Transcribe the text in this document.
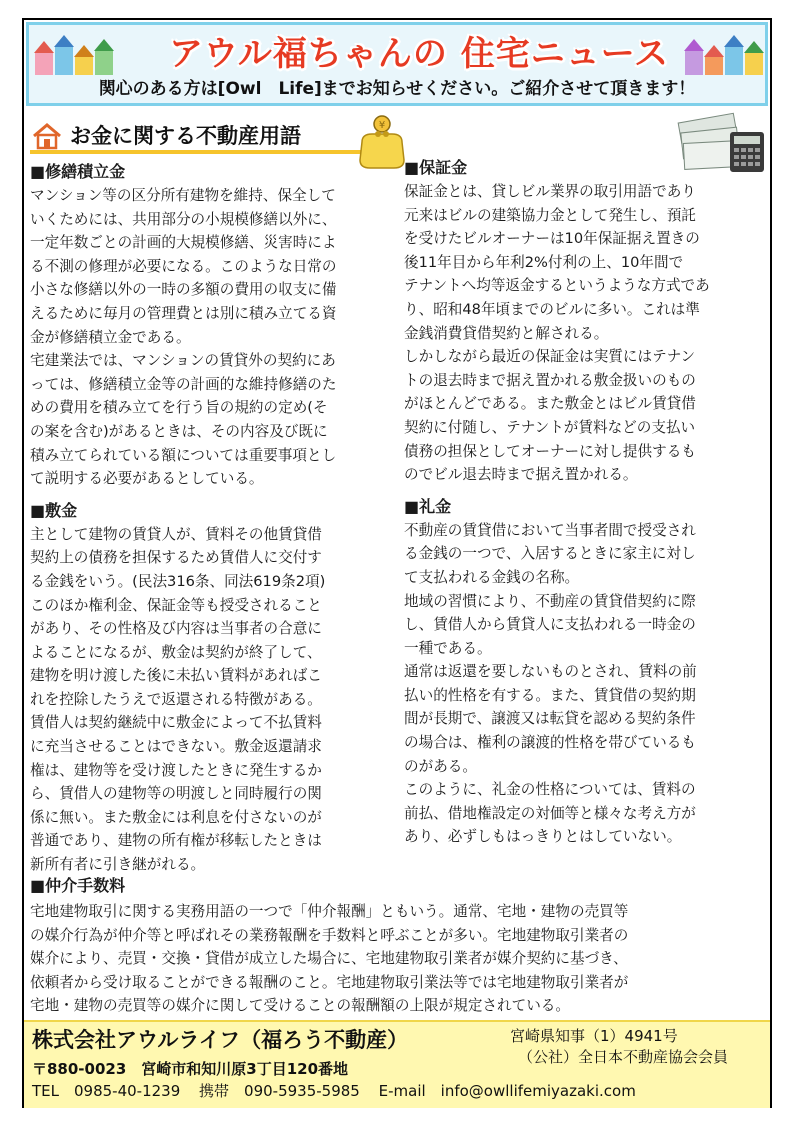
アウル福ちゃんの 住宅ニュース
関心のある方は[Owl　Life]までお知らせください。ご紹介させて頂きます！
お金に関する不動産用語	¥
■修繕積立金

マンション等の区分所有建物を維持、保全して
いくためには、共用部分の小規模修繕以外に、
一定年数ごとの計画的大規模修繕、災害時によ
る不測の修理が必要になる。このような日常の
小さな修繕以外の一時の多額の費用の収支に備
えるために毎月の管理費とは別に積み立てる資
金が修繕積立金である。

宅建業法では、マンションの賃貸外の契約にあ
っては、修繕積立金等の計画的な維持修繕のた
めの費用を積み立てを行う旨の規約の定め(そ
の案を含む)があるときは、その内容及び既に
積み立てられている額については重要事項とし
て説明する必要があるとしている。

■敷金

主として建物の賃貸人が、賃料その他賃貸借
契約上の債務を担保するため賃借人に交付す
る金銭をいう。(民法316条、同法619条2項)
このほか権利金、保証金等も授受されること
があり、その性格及び内容は当事者の合意に
よることになるが、敷金は契約が終了して、
建物を明け渡した後に未払い賃料があればこ
れを控除したうえで返還される特徴がある。

賃借人は契約継続中に敷金によって不払賃料
に充当させることはできない。敷金返還請求
権は、建物等を受け渡したときに発生するか
ら、賃借人の建物等の明渡しと同時履行の関
係に無い。また敷金には利息を付さないのが
普通であり、建物の所有権が移転したときは
新所有者に引き継がれる。

■保証金

保証金とは、貸しビル業界の取引用語であり
元来はビルの建築協力金として発生し、預託
を受けたビルオーナーは10年保証据え置きの
後11年目から年利2%付利の上、10年間で
テナントへ均等返金するというような方式であ
り、昭和48年頃までのビルに多い。これは準
金銭消費貸借契約と解される。

しかしながら最近の保証金は実質にはテナン
トの退去時まで据え置かれる敷金扱いのもの
がほとんどである。また敷金とはビル賃貸借
契約に付随し、テナントが賃料などの支払い
債務の担保としてオーナーに対し提供するも
のでビル退去時まで据え置かれる。

■礼金

不動産の賃貸借において当事者間で授受され
る金銭の一つで、入居するときに家主に対し
て支払われる金銭の名称。

地域の習慣により、不動産の賃貸借契約に際
し、賃借人から賃貸人に支払われる一時金の
一種である。

通常は返還を要しないものとされ、賃料の前
払い的性格を有する。また、賃貸借の契約期
間が長期で、譲渡又は転貸を認める契約条件
の場合は、権利の譲渡的性格を帯びているも
のがある。

このように、礼金の性格については、賃料の
前払、借地権設定の対価等と様々な考え方が
あり、必ずしもはっきりとはしていない。

■仲介手数料

宅地建物取引に関する実務用語の一つで「仲介報酬」ともいう。通常、宅地・建物の売買等
の媒介行為が仲介等と呼ばれその業務報酬を手数料と呼ぶことが多い。宅地建物取引業者の
媒介により、売買・交換・貸借が成立した場合に、宅地建物取引業者が媒介契約に基づき、
依頼者から受け取ることができる報酬のこと。宅地建物取引業法等では宅地建物取引業者が
宅地・建物の売買等の媒介に関して受けることの報酬額の上限が規定されている。

株式会社アウルライフ（福ろう不動産）	宮崎県知事（1）4941号
（公社）全日本不動産協会会員
〒880-0023　宮崎市和知川原3丁目120番地
TEL　0985-40-1239 携帯　090-5935-5985 E-mail　info@owllifemiyazaki.com
